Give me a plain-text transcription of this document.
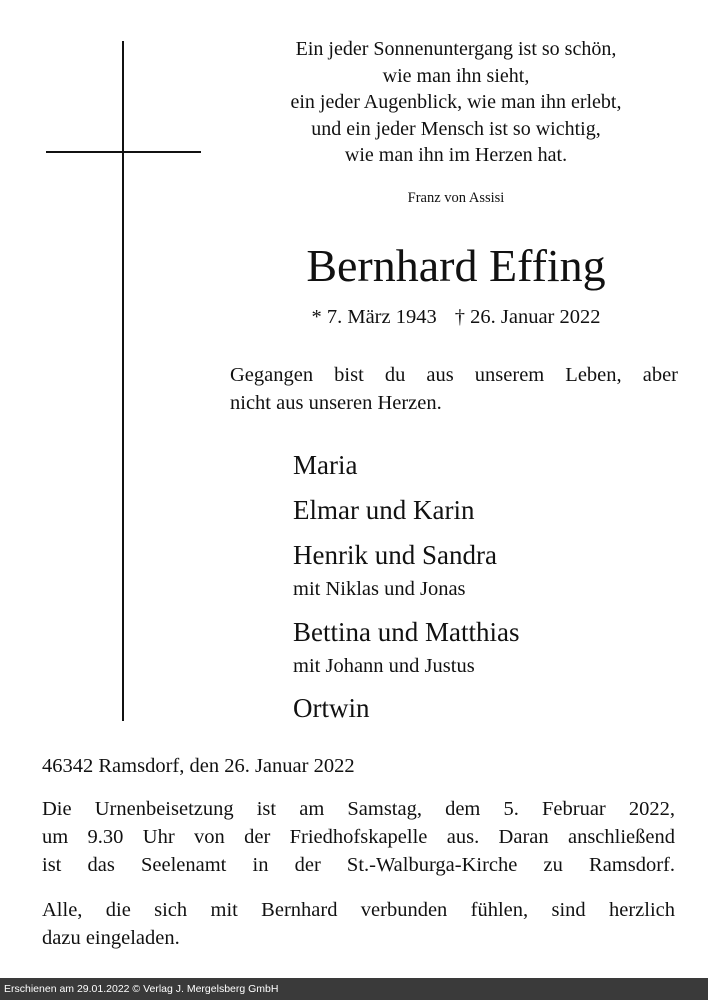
Ein jeder Sonnenuntergang ist so schön,
wie man ihn sieht,
ein jeder Augenblick, wie man ihn erlebt,
und ein jeder Mensch ist so wichtig,
wie man ihn im Herzen hat.
Franz von Assisi
Bernhard Effing
* 7. März 1943 † 26. Januar 2022
Gegangen bist du aus unserem Leben, aber
nicht aus unseren Herzen.
Maria
Elmar und Karin
Henrik und Sandra
mit Niklas und Jonas
Bettina und Matthias
mit Johann und Justus
Ortwin
46342 Ramsdorf, den 26. Januar 2022
Die Urnenbeisetzung ist am Samstag, dem 5. Februar 2022,
um 9.30 Uhr von der Friedhofskapelle aus. Daran anschließend
ist das Seelenamt in der St.-Walburga-Kirche zu Ramsdorf.
Alle, die sich mit Bernhard verbunden fühlen, sind herzlich
dazu eingeladen.
Erschienen am 29.01.2022 © Verlag J. Mergelsberg GmbH
